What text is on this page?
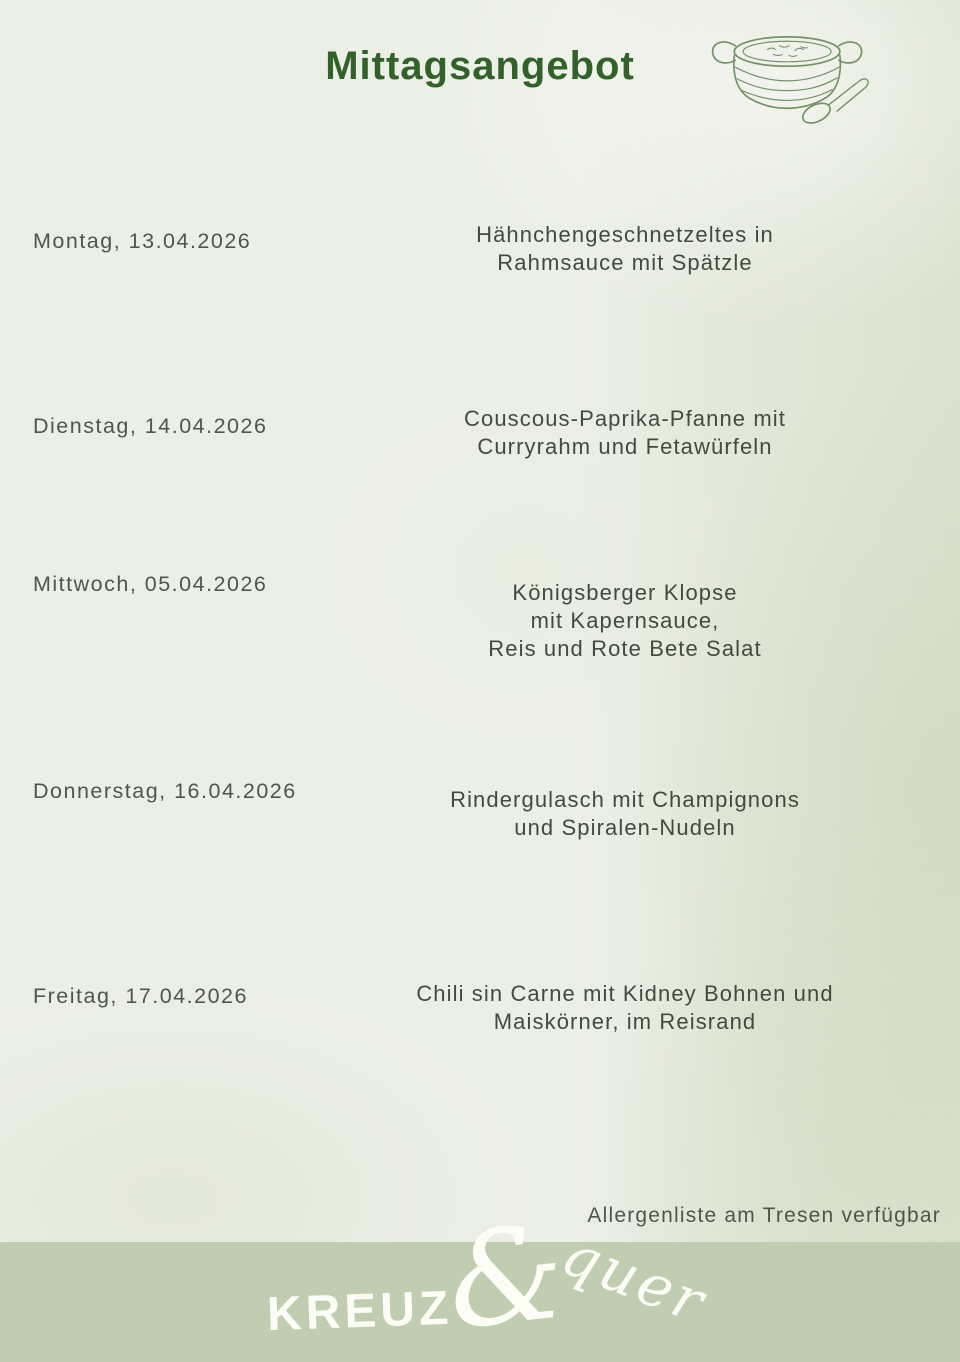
Mittagsangebot
Montag, 13.04.2026	Hähnchengeschnetzeltes in
Rahmsauce mit Spätzle
Dienstag, 14.04.2026	Couscous-Paprika-Pfanne mit
Curryrahm und Fetawürfeln
Mittwoch, 05.04.2026	Königsberger Klopse
mit Kapernsauce,
Reis und Rote Bete Salat
Donnerstag, 16.04.2026	Rindergulasch mit Champignons
und Spiralen-Nudeln
Freitag, 17.04.2026	Chili sin Carne mit Kidney Bohnen und
Maiskörner, im Reisrand
Allergenliste am Tresen verfügbar
KREUZ
&
quer
